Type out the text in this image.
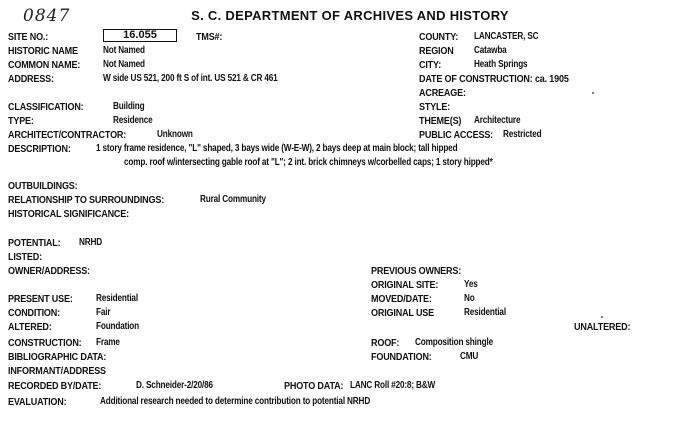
0847	S. C. DEPARTMENT OF ARCHIVES AND HISTORY
SITE NO.:	16.055	TMS#:
HISTORIC NAME	Not Named
COMMON NAME: Not Named
ADDRESS:	W side US 521, 200 ft S of int. US 521 & CR 461
COUNTY: LANCASTER, SC
REGION Catawba
CITY:	Heath Springs
DATE OF CONSTRUCTION: ca. 1905
ACREAGE:
STYLE:
THEME(S) Architecture
PUBLIC ACCESS: Restricted
CLASSIFICATION:	Building
TYPE:	Residence
ARCHITECT/CONTRACTOR:	Unknown
DESCRIPTION:	1 story frame residence, "L" shaped, 3 bays wide (W-E-W), 2 bays deep at main block; tall hipped
comp. roof w/intersecting gable roof at "L"; 2 int. brick chimneys w/corbelled caps; 1 story hipped*
OUTBUILDINGS:
RELATIONSHIP TO SURROUNDINGS:	Rural Community
HISTORICAL SIGNIFICANCE:
POTENTIAL: NRHD
LISTED:
OWNER/ADDRESS:	PREVIOUS OWNERS:
ORIGINAL SITE:	Yes
MOVED/DATE:	No
ORIGINAL USE	Residential
PRESENT USE: Residential
CONDITION:	Fair
ALTERED:	Foundation	UNALTERED:
CONSTRUCTION: Frame	ROOF: Composition shingle
BIBLIOGRAPHIC DATA:	FOUNDATION:	CMU
INFORMANT/ADDRESS
RECORDED BY/DATE:	D. Schneider-2/20/86	PHOTO DATA: LANC Roll #20:8; B&W
EVALUATION:	Additional research needed to determine contribution to potential NRHD
